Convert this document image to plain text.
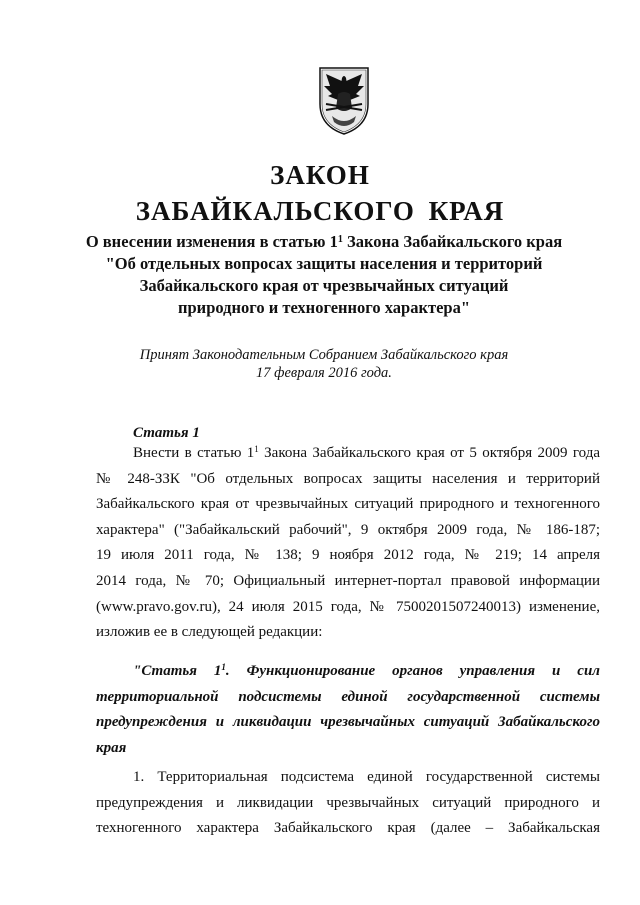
ЗАКОН
ЗАБАЙКАЛЬСКОГО КРАЯ
О внесении изменения в статью $1^1$ Закона Забайкальского края
"Об отдельных вопросах защиты населения и территорий
Забайкальского края от чрезвычайных ситуаций
природного и техногенного характера"
Принят Законодательным Собранием Забайкальского края
17 февраля 2016 года.
Статья 1
Внести в статью $1^1$ Закона Забайкальского края от 5 октября 2009 года
№ 248-ЗЗК "Об отдельных вопросах защиты населения и территорий
Забайкальского края от чрезвычайных ситуаций природного и техногенного
характера" ("Забайкальский рабочий", 9 октября 2009 года, № 186-187;
19 июля 2011 года, № 138; 9 ноября 2012 года, № 219; 14 апреля
2014 года, № 70; Официальный интернет-портал правовой информации
(www.pravo.gov.ru), 24 июля 2015 года, № 7500201507240013) изменение,
изложив ее в следующей редакции:
"Статья $1^1$. Функционирование органов управления и сил
территориальной подсистемы единой государственной системы
предупреждения и ликвидации чрезвычайных ситуаций Забайкальского
края
1. Территориальная подсистема единой государственной системы
предупреждения и ликвидации чрезвычайных ситуаций природного и
техногенного характера Забайкальского края (далее – Забайкальская
